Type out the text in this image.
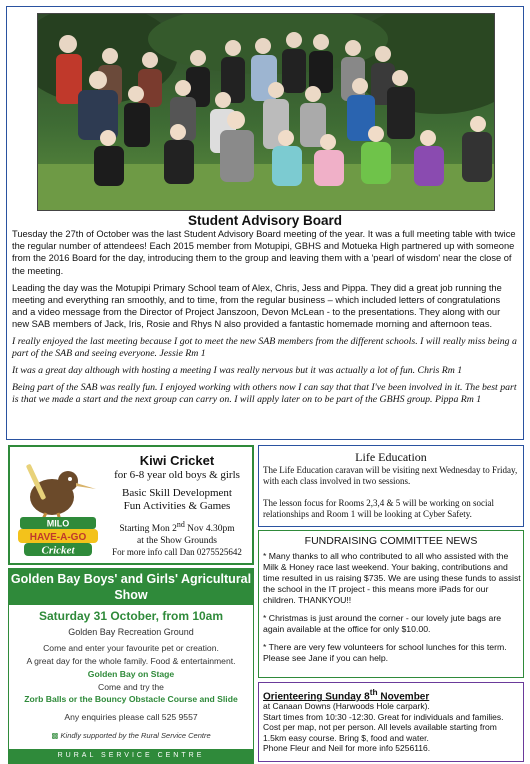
Student Advisory Board

Tuesday the 27th of October was the last Student Advisory Board meeting of the year. It was a full meeting table with twice the regular number of attendees! Each 2015 member from Motupipi, GBHS and Motueka High partnered up with someone from the 2016 Board for the day, introducing them to the group and leaving them with a 'pearl of wisdom' near the close of the meeting.

Leading the day was the Motupipi Primary School team of Alex, Chris, Jess and Pippa. They did a great job running the meeting and everything ran smoothly, and to time, from the regular business – which included letters of congratulations and a video message from the Director of Project Janszoon, Devon McLean - to the presentations. They along with our new SAB members of Jack, Iris, Rosie and Rhys N also provided a fantastic homemade morning and afternoon teas.

I really enjoyed the last meeting because I got to meet the new SAB members from the different schools. I will really miss being a part of the SAB and seeing everyone. Jessie Rm 1

It was a great day although with hosting a meeting I was really nervous but it was actually a lot of fun. Chris Rm 1

Being part of the SAB was really fun. I enjoyed working with others now I can say that that I've been involved in it. The best part is that we made a start and the next group can carry on. I will apply later on to be part of the GBHS group. Pippa Rm 1

MILO
HAVE-A-GO
Cricket
Kiwi Cricket
for 6-8 year old boys & girls
Basic Skill Development
Fun Activities & Games
Starting Mon 2nd Nov 4.30pm
at the Show Grounds
For more info call Dan 0275525642
Golden Bay Boys' and Girls' Agricultural Show
Saturday 31 October, from 10am
Golden Bay Recreation Ground
Come and enter your favourite pet or creation.
A great day for the whole family. Food & entertainment.
Golden Bay on Stage
Come and try the
Zorb Balls or the Bouncy Obstacle Course and Slide
Any enquiries please call 525 9557
▩ Kindly supported by the Rural Service Centre
RURAL SERVICE CENTRE
Life Education
The Life Education caravan will be visiting next Wednesday to Friday, with each class involved in two sessions.
The lesson focus for Rooms 2,3,4 & 5 will be working on social relationships and Room 1 will be looking at Cyber Safety.
FUNDRAISING COMMITTEE NEWS

* Many thanks to all who contributed to all who assisted with the Milk & Honey race last weekend. Your baking, contributions and time resulted in us raising $735. We are using these funds to assist the school in the IT project - this means more iPads for our children. THANKYOU!!

* Christmas is just around the corner - our lovely jute bags are again available at the office for only $10.00.

* There are very few volunteers for school lunches for this term. Please see Jane if you can help.

Orienteering Sunday 8th November
at Canaan Downs (Harwoods Hole carpark).
Start times from 10:30 -12:30. Great for individuals and families. Cost per map, not per person. All levels available starting from 1.5km easy course. Bring $, food and water.
Phone Fleur and Neil for more info 5256116.
